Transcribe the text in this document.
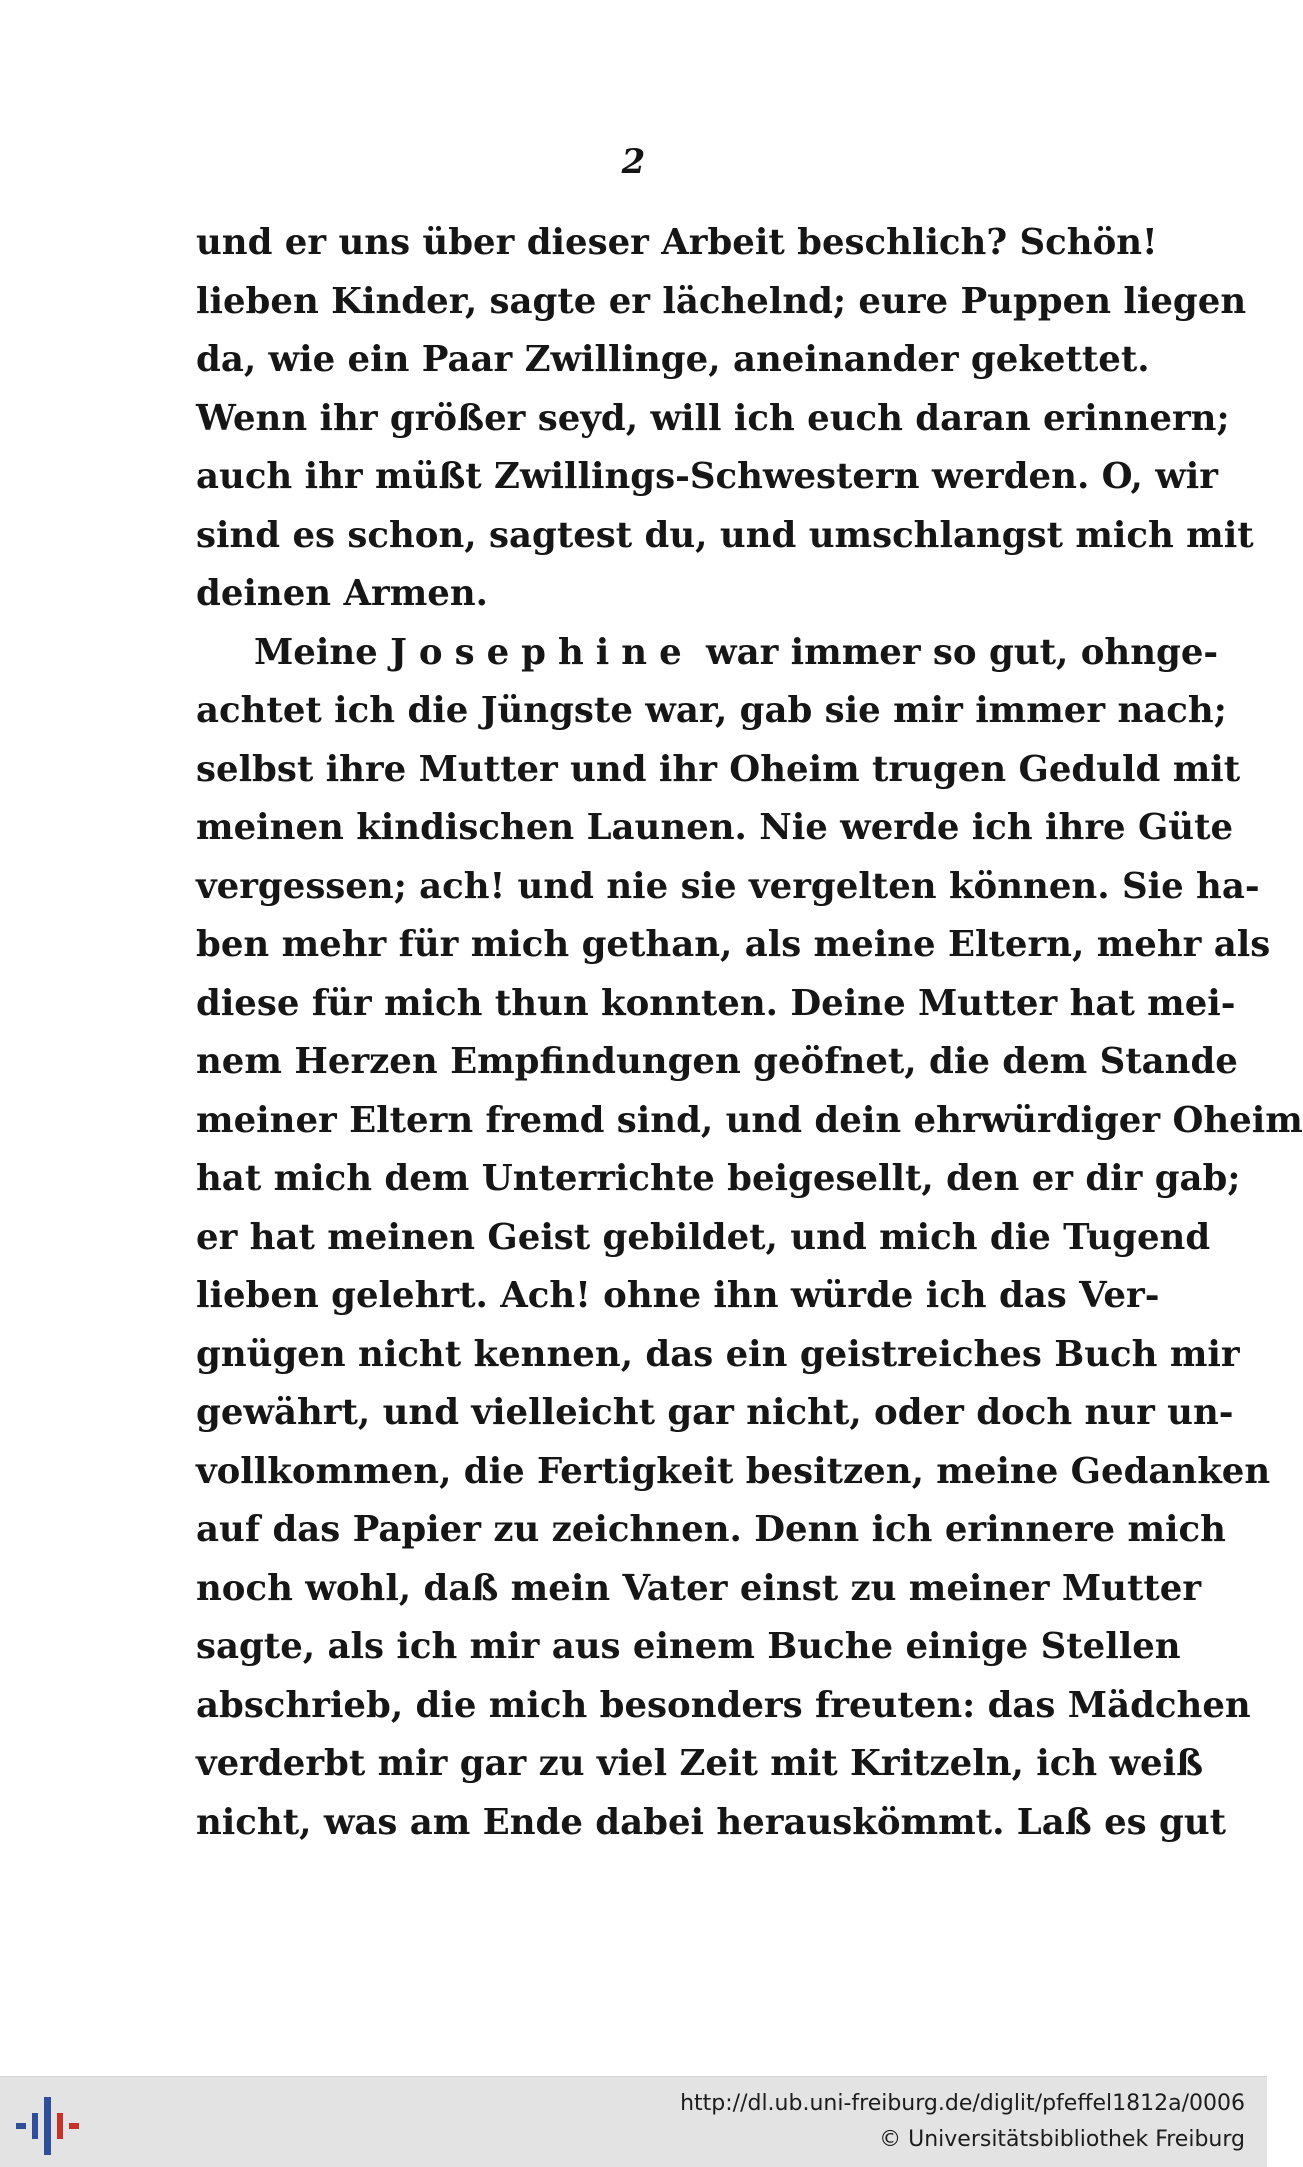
2
und er uns über dieser Arbeit beschlich? Schön!
lieben Kinder, sagte er lächelnd; eure Puppen liegen
da, wie ein Paar Zwillinge, aneinander gekettet.
Wenn ihr größer seyd, will ich euch daran erinnern;
auch ihr müßt Zwillings-Schwestern werden. O, wir
sind es schon, sagtest du, und umschlangst mich mit
deinen Armen.
Meine Josephine war immer so gut, ohnge-
achtet ich die Jüngste war, gab sie mir immer nach;
selbst ihre Mutter und ihr Oheim trugen Geduld mit
meinen kindischen Launen. Nie werde ich ihre Güte
vergessen; ach! und nie sie vergelten können. Sie ha-
ben mehr für mich gethan, als meine Eltern, mehr als
diese für mich thun konnten. Deine Mutter hat mei-
nem Herzen Empfindungen geöfnet, die dem Stande
meiner Eltern fremd sind, und dein ehrwürdiger Oheim
hat mich dem Unterrichte beigesellt, den er dir gab;
er hat meinen Geist gebildet, und mich die Tugend
lieben gelehrt. Ach! ohne ihn würde ich das Ver-
gnügen nicht kennen, das ein geistreiches Buch mir
gewährt, und vielleicht gar nicht, oder doch nur un-
vollkommen, die Fertigkeit besitzen, meine Gedanken
auf das Papier zu zeichnen. Denn ich erinnere mich
noch wohl, daß mein Vater einst zu meiner Mutter
sagte, als ich mir aus einem Buche einige Stellen
abschrieb, die mich besonders freuten: das Mädchen
verderbt mir gar zu viel Zeit mit Kritzeln, ich weiß
nicht, was am Ende dabei herauskömmt. Laß es gut
http://dl.ub.uni-freiburg.de/diglit/pfeffel1812a/0006
© Universitätsbibliothek Freiburg
